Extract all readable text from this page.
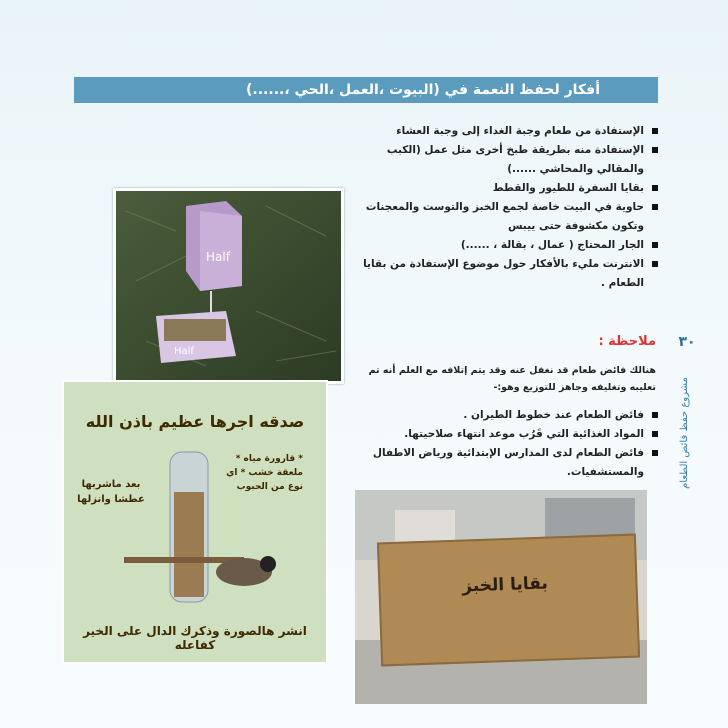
أفكار لحفظ النعمة في (البيوت ،العمل ،الحي ،......)
الإستفادة من طعام وجبة الغداء إلى وجبة العشاء
الإستفادة منه بطريقة طبخ أخرى مثل عمل (الكبب والمقالي والمحاشي ......)
بقايا السفرة للطيور والقطط
حاوية في البيت خاصة لجمع الخبز والتوست والمعجنات وتكون مكشوفة حتى ييبس
الجار المحتاج ( عمال ، بقالة ، ......)
الانترنت مليء بالأفكار حول موضوع الإستفادة من بقايا الطعام .
ملاحظة :
هنالك فائض طعام قد نغفل عنه وقد يتم إتلافه مع العلم أنه تم تعليبه وتغليفه وجاهز للتوزيع وهو:-
فائض الطعام عند خطوط الطيران .
المواد الغذائية التي قَرُب موعد انتهاء صلاحيتها.
فائض الطعام لدى المدارس الإبتدائية ورياض الاطفال والمستشفيات.
٣٠
مشروع حفظ فائض الطعام
Half
Half
صدقه اجرها عظيم باذن الله
* قارورة مياه * ملعقة خشب * اي نوع من الحبوب
بعد ماشربها عطشا وانزلها
انشر هالصورة وذكرك الدال على الخير كفاعله
بقايا الخبز
